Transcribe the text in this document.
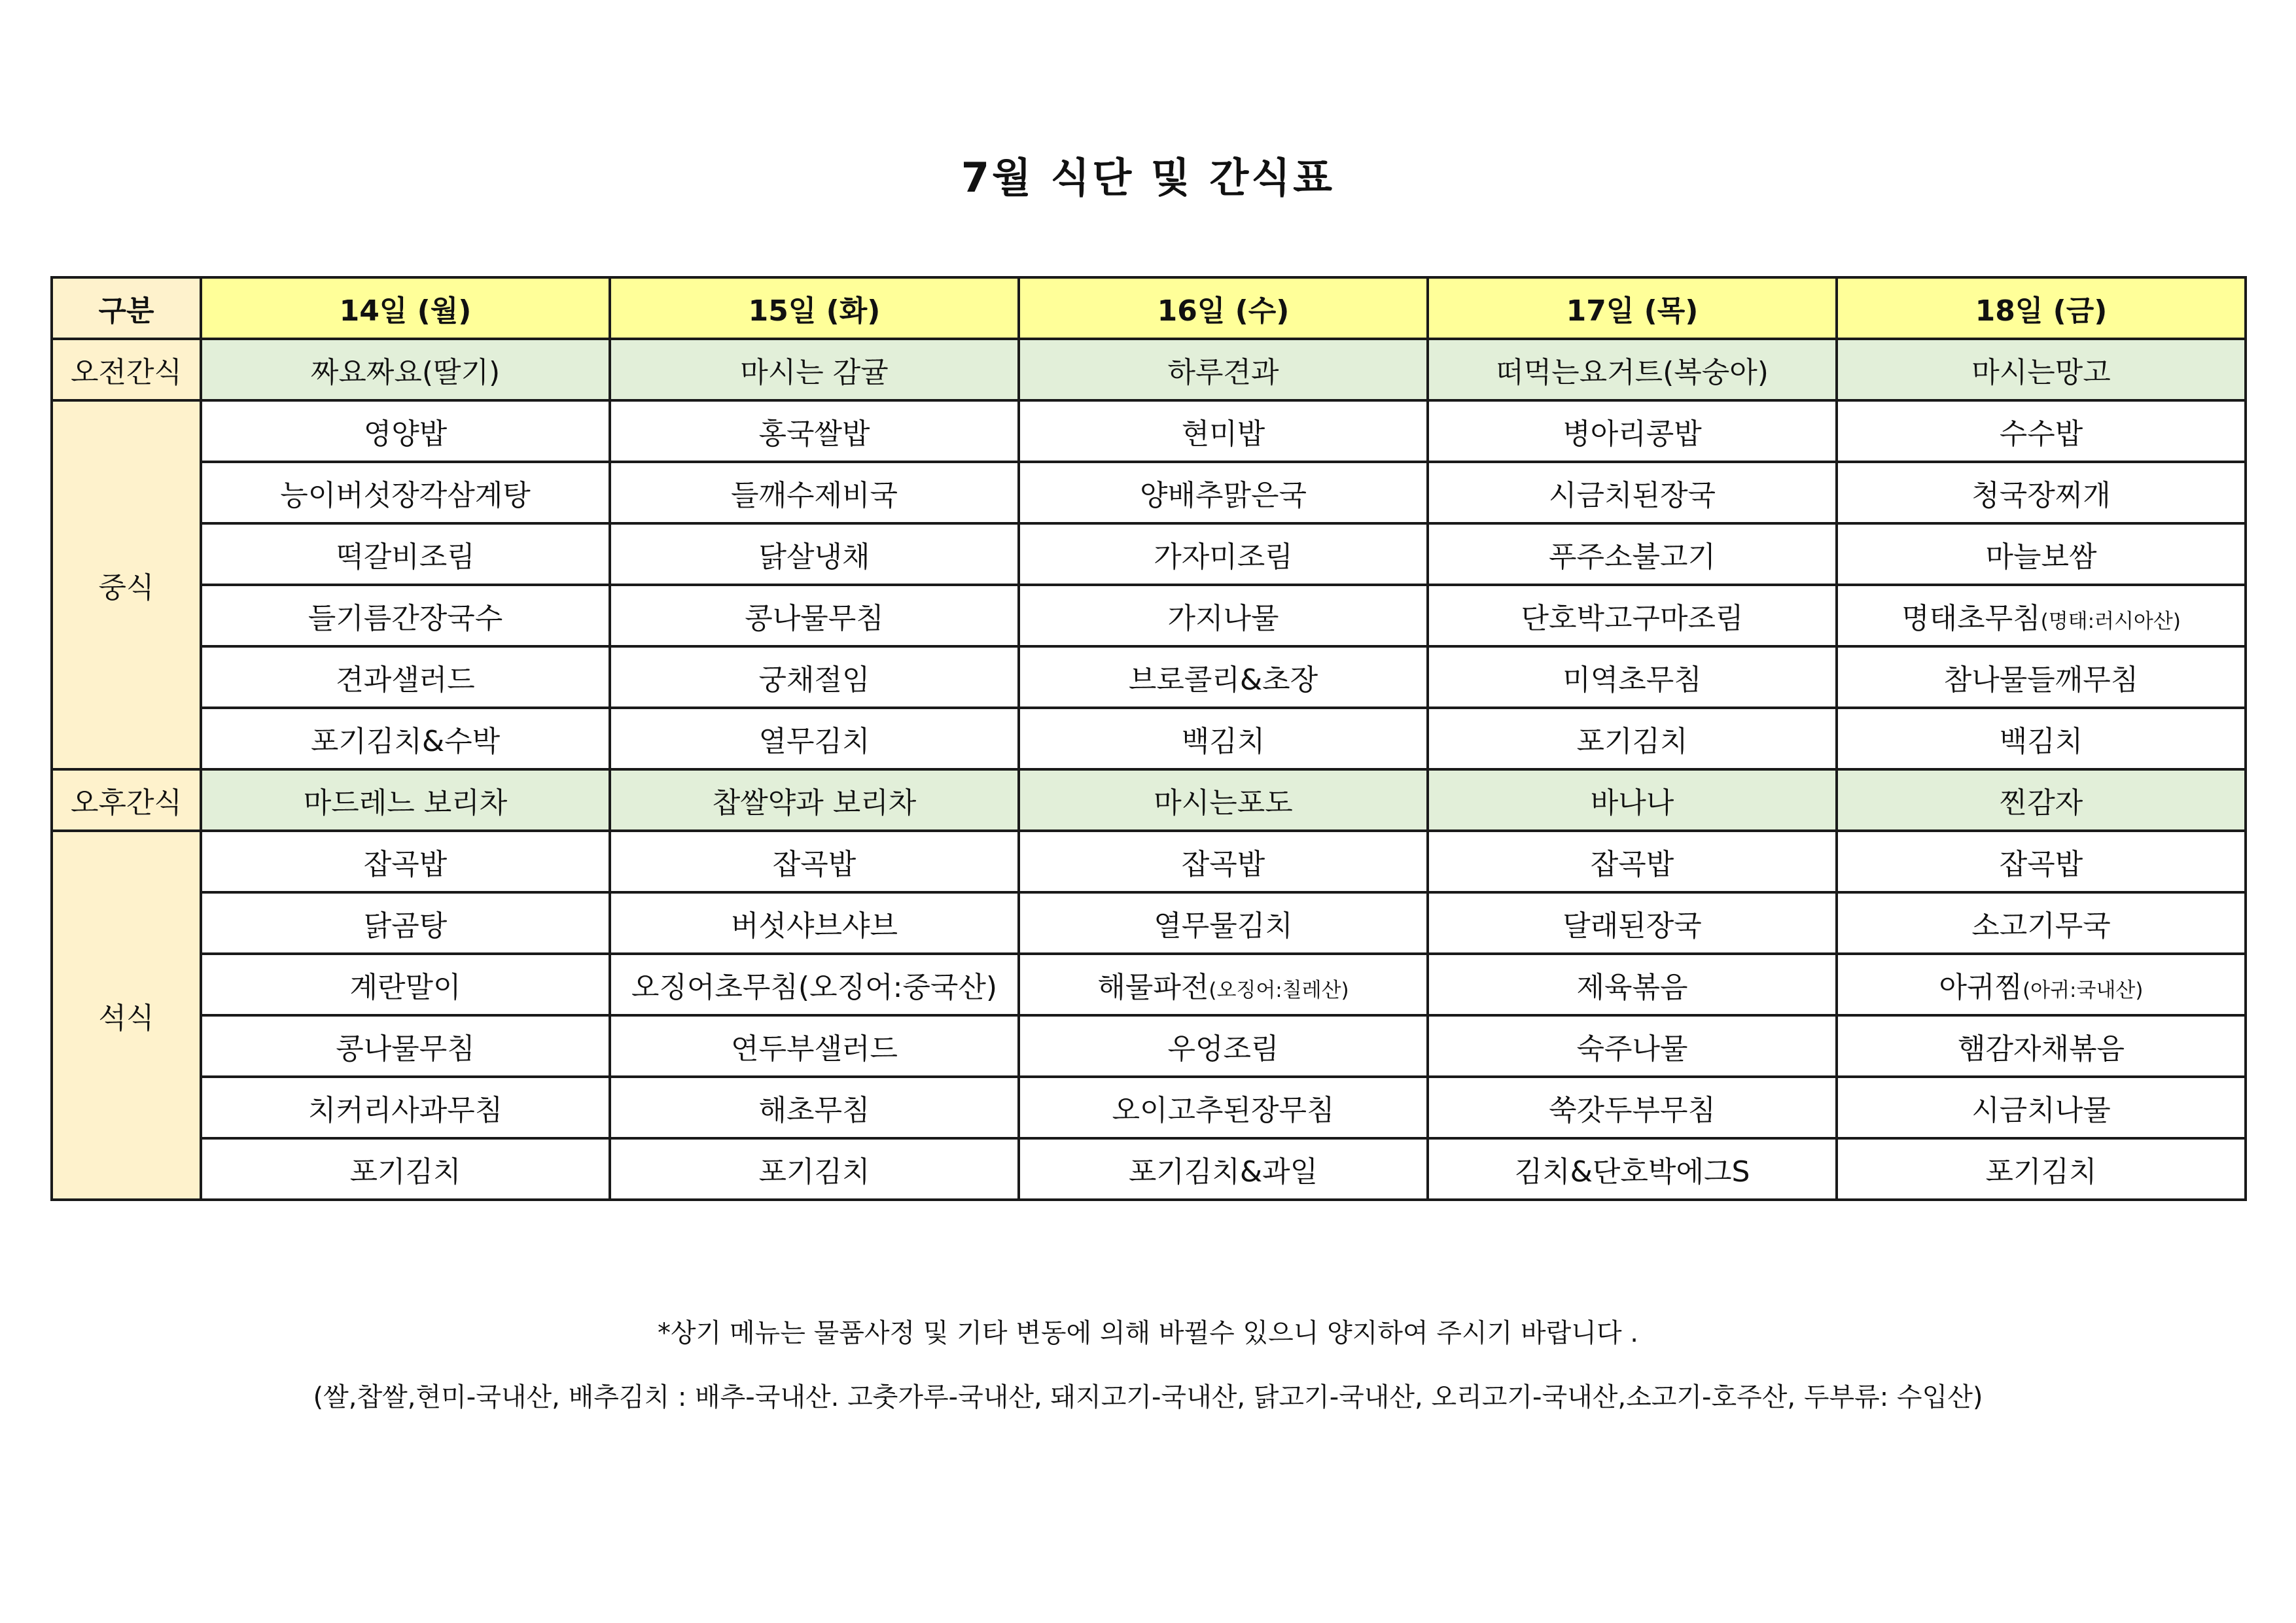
7월 식단 및 간식표
구분	14일 (월)	15일 (화)	16일 (수)	17일 (목)	18일 (금)
오전간식	짜요짜요(딸기)	마시는 감귤	하루견과	떠먹는요거트(복숭아)	마시는망고
중식	영양밥	홍국쌀밥	현미밥	병아리콩밥	수수밥
	능이버섯장각삼계탕	들깨수제비국	양배추맑은국	시금치된장국	청국장찌개
	떡갈비조림	닭살냉채	가자미조림	푸주소불고기	마늘보쌈
	들기름간장국수	콩나물무침	가지나물	단호박고구마조림	명태초무침(명태:러시아산)
	견과샐러드	궁채절임	브로콜리&초장	미역초무침	참나물들깨무침
	포기김치&수박	열무김치	백김치	포기김치	백김치
오후간식	마드레느 보리차	찹쌀약과 보리차	마시는포도	바나나	찐감자
석식	잡곡밥	잡곡밥	잡곡밥	잡곡밥	잡곡밥
	닭곰탕	버섯샤브샤브	열무물김치	달래된장국	소고기무국
	계란말이	오징어초무침(오징어:중국산)	해물파전(오징어:칠레산)	제육볶음	아귀찜(아귀:국내산)
	콩나물무침	연두부샐러드	우엉조림	숙주나물	햄감자채볶음
	치커리사과무침	해초무침	오이고추된장무침	쑥갓두부무침	시금치나물
	포기김치	포기김치	포기김치&과일	김치&단호박에그S	포기김치
*상기 메뉴는 물품사정 및 기타 변동에 의해 바뀔수 있으니 양지하여 주시기 바랍니다 .
(쌀,찹쌀,현미-국내산, 배추김치 : 배추-국내산. 고춧가루-국내산, 돼지고기-국내산, 닭고기-국내산, 오리고기-국내산,소고기-호주산, 두부류: 수입산)
